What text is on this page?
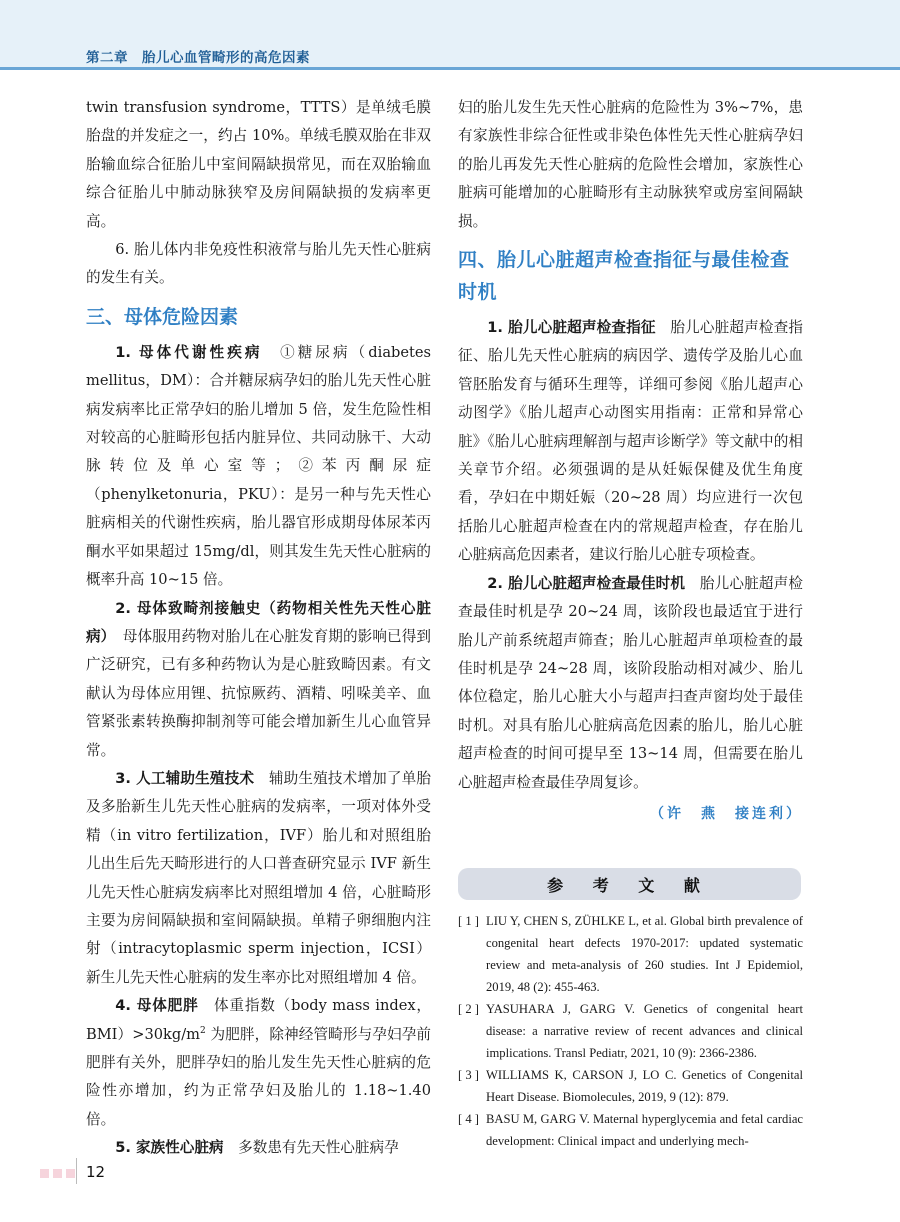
第二章　胎儿心血管畸形的高危因素

twin transfusion syndrome，TTTS）是单绒毛膜胎盘的并发症之一，约占 10%。单绒毛膜双胎在非双胎输血综合征胎儿中室间隔缺损常见，而在双胎输血综合征胎儿中肺动脉狭窄及房间隔缺损的发病率更高。

6. 胎儿体内非免疫性积液常与胎儿先天性心脏病的发生有关。

三、母体危险因素

1. 母体代谢性疾病　 ①糖尿病（diabetes mellitus，DM）：合并糖尿病孕妇的胎儿先天性心脏病发病率比正常孕妇的胎儿增加 5 倍，发生危险性相对较高的心脏畸形包括内脏异位、共同动脉干、大动脉转位及单心室等；②苯丙酮尿症（phenylketonuria，PKU）：是另一种与先天性心脏病相关的代谢性疾病，胎儿器官形成期母体尿苯丙酮水平如果超过 15mg/dl，则其发生先天性心脏病的概率升高 10~15 倍。

2. 母体致畸剂接触史（药物相关性先天性心脏病）　 母体服用药物对胎儿在心脏发育期的影响已得到广泛研究，已有多种药物认为是心脏致畸因素。有文献认为母体应用锂、抗惊厥药、酒精、吲哚美辛、血管紧张素转换酶抑制剂等可能会增加新生儿心血管异常。

3. 人工辅助生殖技术　 辅助生殖技术增加了单胎及多胎新生儿先天性心脏病的发病率，一项对体外受精（in vitro fertilization，IVF）胎儿和对照组胎儿出生后先天畸形进行的人口普查研究显示 IVF 新生儿先天性心脏病发病率比对照组增加 4 倍，心脏畸形主要为房间隔缺损和室间隔缺损。单精子卵细胞内注射（intracytoplasmic sperm injection，ICSI）新生儿先天性心脏病的发生率亦比对照组增加 4 倍。

4. 母体肥胖　 体重指数（body mass index，$BMI)>30kg/m^2$ 为肥胖，除神经管畸形与孕妇孕前肥胖有关外，肥胖孕妇的胎儿发生先天性心脏病的危险性亦增加，约为正常孕妇及胎儿的 1.18~1.40 倍。

5. 家族性心脏病　 多数患有先天性心脏病孕

妇的胎儿发生先天性心脏病的危险性为 3%~7%，患有家族性非综合征性或非染色体性先天性心脏病孕妇的胎儿再发先天性心脏病的危险性会增加，家族性心脏病可能增加的心脏畸形有主动脉狭窄或房室间隔缺损。

四、胎儿心脏超声检查指征与最佳检查时机

1. 胎儿心脏超声检查指征　 胎儿心脏超声检查指征、胎儿先天性心脏病的病因学、遗传学及胎儿心血管胚胎发育与循环生理等，详细可参阅《胎儿超声心动图学》《胎儿超声心动图实用指南：正常和异常心脏》《胎儿心脏病理解剖与超声诊断学》等文献中的相关章节介绍。必须强调的是从妊娠保健及优生角度看，孕妇在中期妊娠（20~28 周）均应进行一次包括胎儿心脏超声检查在内的常规超声检查，存在胎儿心脏病高危因素者，建议行胎儿心脏专项检查。

2. 胎儿心脏超声检查最佳时机　 胎儿心脏超声检查最佳时机是孕 20~24 周，该阶段也最适宜于进行胎儿产前系统超声筛查；胎儿心脏超声单项检查的最佳时机是孕 24~28 周，该阶段胎动相对减少、胎儿体位稳定，胎儿心脏大小与超声扫查声窗均处于最佳时机。对具有胎儿心脏病高危因素的胎儿，胎儿心脏超声检查的时间可提早至 13~14 周，但需要在胎儿心脏超声检查最佳孕周复诊。

（许　燕　接连利）
参 考 文 献
[ 1 ] LIU Y, CHEN S, ZÜHLKE L, et al. Global birth prevalence of congenital heart defects 1970-2017: updated systematic review and meta-analysis of 260 studies. Int J Epidemiol, 2019, 48 (2): 455-463.
[ 2 ] YASUHARA J, GARG V. Genetics of congenital heart disease: a narrative review of recent advances and clinical implications. Transl Pediatr, 2021, 10 (9): 2366-2386.
[ 3 ] WILLIAMS K, CARSON J, LO C. Genetics of Congenital Heart Disease. Biomolecules, 2019, 9 (12): 879.
[ 4 ] BASU M, GARG V. Maternal hyperglycemia and fetal cardiac development: Clinical impact and underlying mech-
12
